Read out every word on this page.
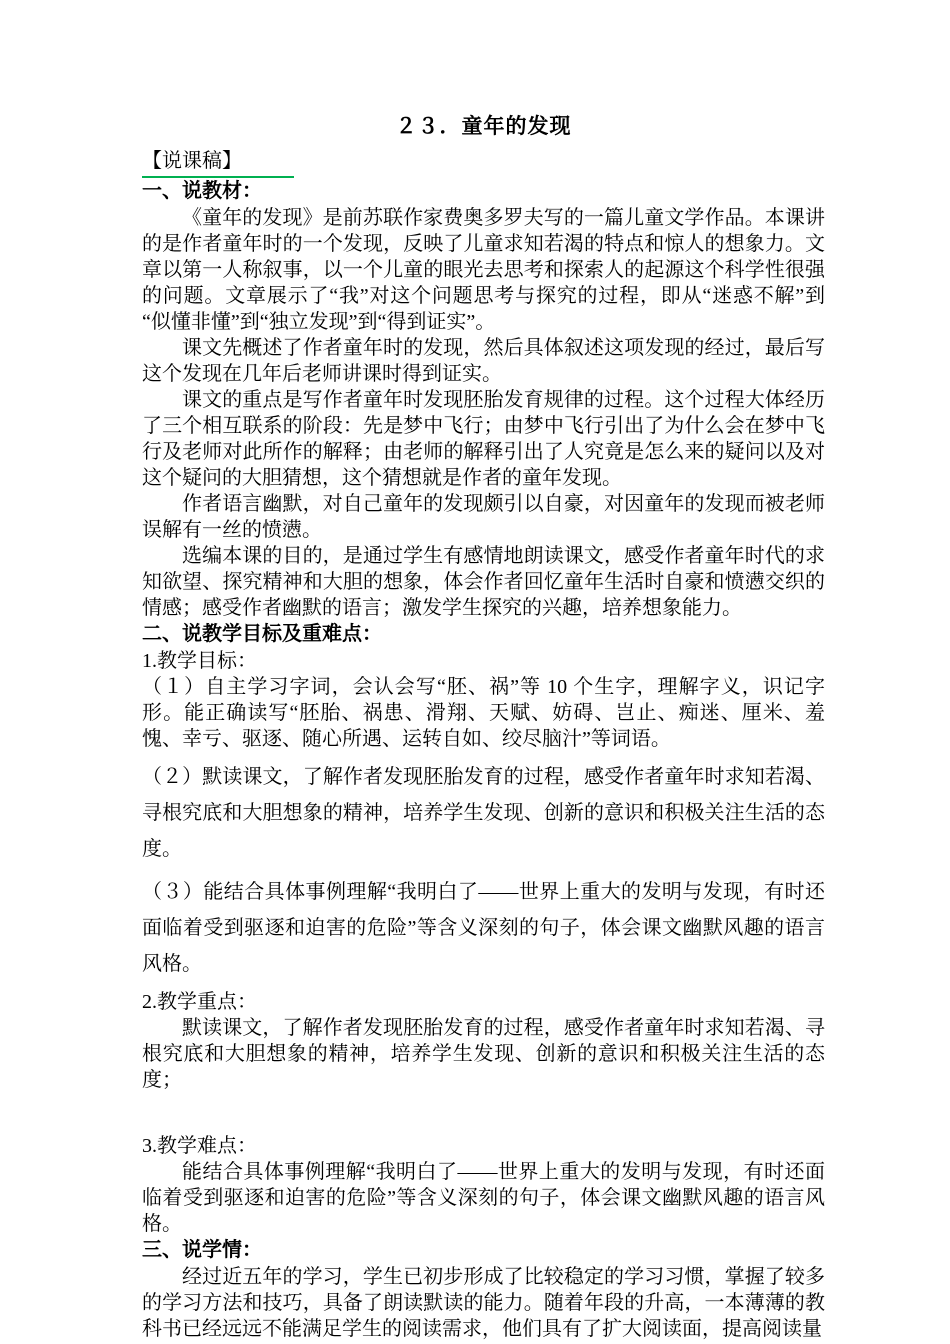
２３．童年的发现
【说课稿】
一、说教材：

《童年的发现》是前苏联作家费奥多罗夫写的一篇儿童文学作品。本课讲的是作者童年时的一个发现，反映了儿童求知若渴的特点和惊人的想象力。文章以第一人称叙事，以一个儿童的眼光去思考和探索人的起源这个科学性很强的问题。文章展示了“我”对这个问题思考与探究的过程，即从“迷惑不解”到“似懂非懂”到“独立发现”到“得到证实”。

课文先概述了作者童年时的发现，然后具体叙述这项发现的经过，最后写这个发现在几年后老师讲课时得到证实。

课文的重点是写作者童年时发现胚胎发育规律的过程。这个过程大体经历了三个相互联系的阶段：先是梦中飞行；由梦中飞行引出了为什么会在梦中飞行及老师对此所作的解释；由老师的解释引出了人究竟是怎么来的疑问以及对这个疑问的大胆猜想，这个猜想就是作者的童年发现。

作者语言幽默，对自己童年的发现颇引以自豪，对因童年的发现而被老师误解有一丝的愤懑。

选编本课的目的，是通过学生有感情地朗读课文，感受作者童年时代的求知欲望、探究精神和大胆的想象，体会作者回忆童年生活时自豪和愤懑交织的情感；感受作者幽默的语言；激发学生探究的兴趣，培养想象能力。

二、说教学目标及重难点：

1.教学目标：

（１）自主学习字词，会认会写“胚、祸”等 10 个生字，理解字义，识记字形。能正确读写“胚胎、祸患、滑翔、天赋、妨碍、岂止、痴迷、厘米、羞愧、幸亏、驱逐、随心所遇、运转自如、绞尽脑汁”等词语。

（２）默读课文，了解作者发现胚胎发育的过程，感受作者童年时求知若渴、寻根究底和大胆想象的精神，培养学生发现、创新的意识和积极关注生活的态度。

（３）能结合具体事例理解“我明白了——世界上重大的发明与发现，有时还面临着受到驱逐和迫害的危险”等含义深刻的句子，体会课文幽默风趣的语言风格。

2.教学重点：

默读课文，了解作者发现胚胎发育的过程，感受作者童年时求知若渴、寻根究底和大胆想象的精神，培养学生发现、创新的意识和积极关注生活的态度；

3.教学难点：

能结合具体事例理解“我明白了——世界上重大的发明与发现，有时还面临着受到驱逐和迫害的危险”等含义深刻的句子，体会课文幽默风趣的语言风格。

三、说学情：

经过近五年的学习，学生已初步形成了比较稳定的学习习惯，掌握了较多的学习方法和技巧，具备了朗读默读的能力。随着年段的升高，一本薄薄的教科书已经远远不能满足学生的阅读需求，他们具有了扩大阅读面，提高阅读量
